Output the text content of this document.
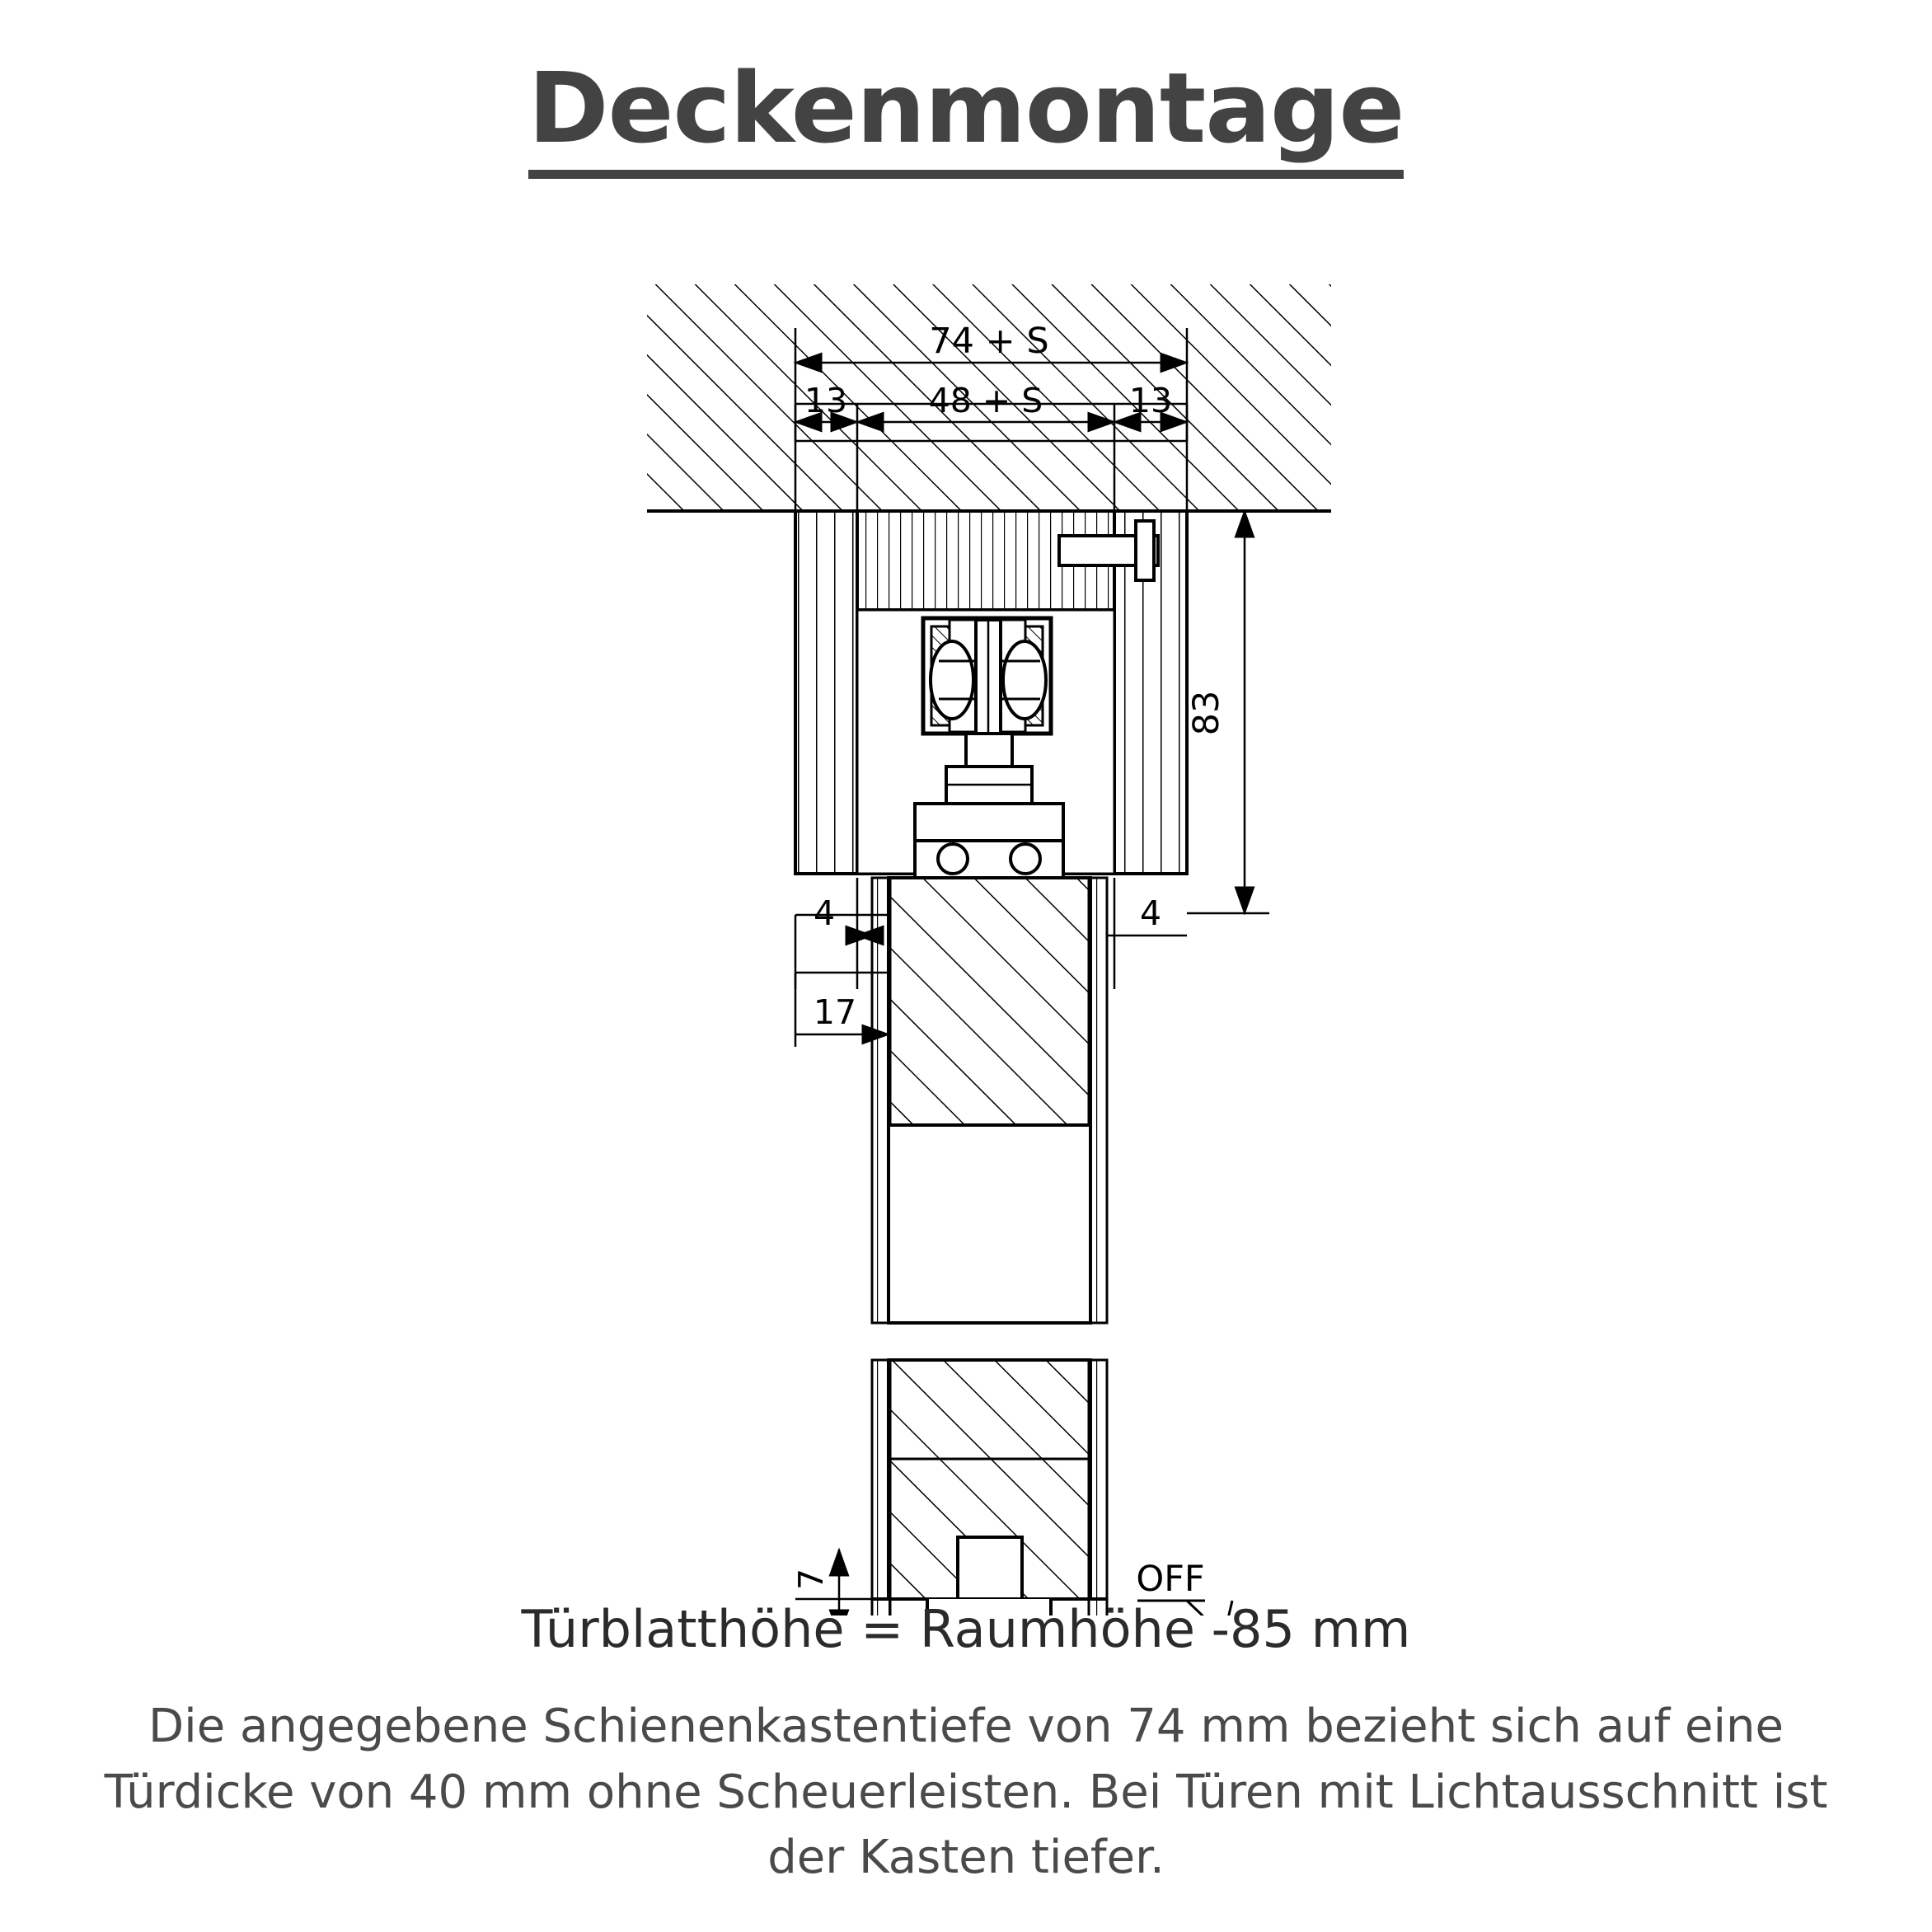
Deckenmontage
74 + S
13 48 + S	13
83
4	4
17
7	OFF
Türblatthöhe = Raumhöhe -85 mm
Die angegebene Schienenkastentiefe von 74 mm bezieht sich auf eine Türdicke von 40 mm ohne Scheuerleisten. Bei Türen mit Lichtausschnitt ist der Kasten tiefer.
